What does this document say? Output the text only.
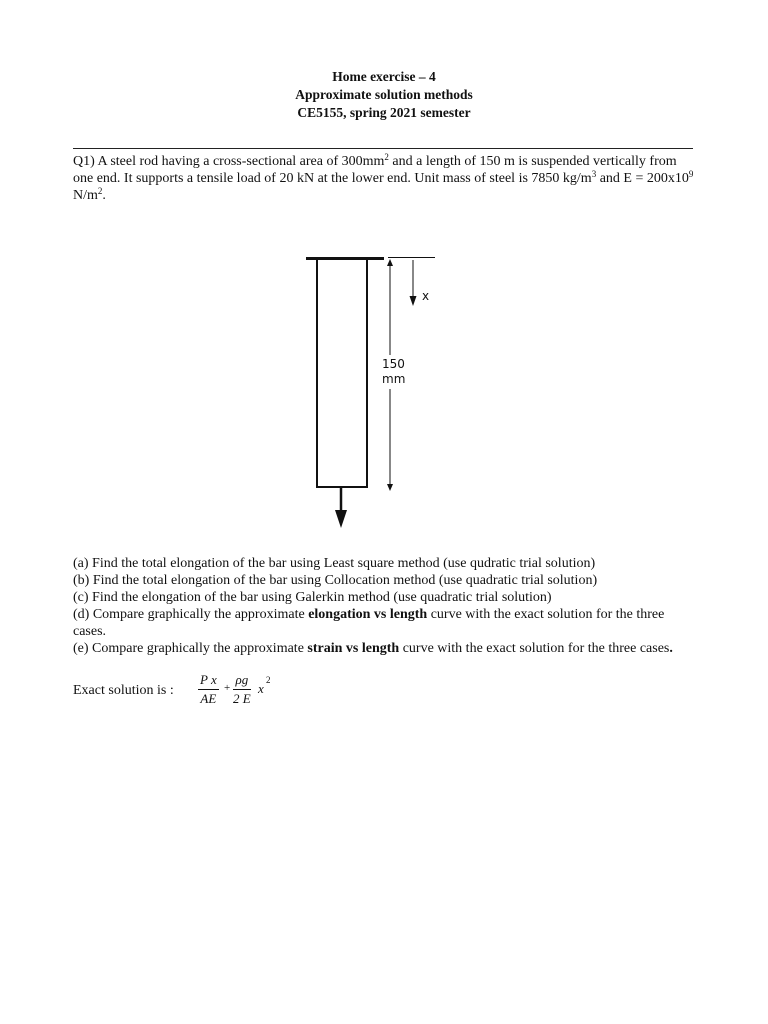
Home exercise – 4
Approximate solution methods
CE5155, spring 2021 semester

Q1) A steel rod having a cross-sectional area of $300mm^2$ and a length of 150 m is suspended vertically from one end. It supports a tensile load of 20 kN at the lower end. Unit mass of steel is 7850 $kg/m^3$ and $E = 200x10^9$ $N/m^2$.

x
150
mm

(a) Find the total elongation of the bar using Least square method (use qudratic trial solution)

(b) Find the total elongation of the bar using Collocation method (use quadratic trial solution)

(c) Find the elongation of the bar using Galerkin method (use quadratic trial solution)

(d) Compare graphically the approximate elongation vs length curve with the exact solution for the three cases.

(e) Compare graphically the approximate strain vs length curve with the exact solution for the three cases.

Exact solution is : $\frac{\text{P x}}{AE} + \frac{\rho g}{2 E}$ x
2
